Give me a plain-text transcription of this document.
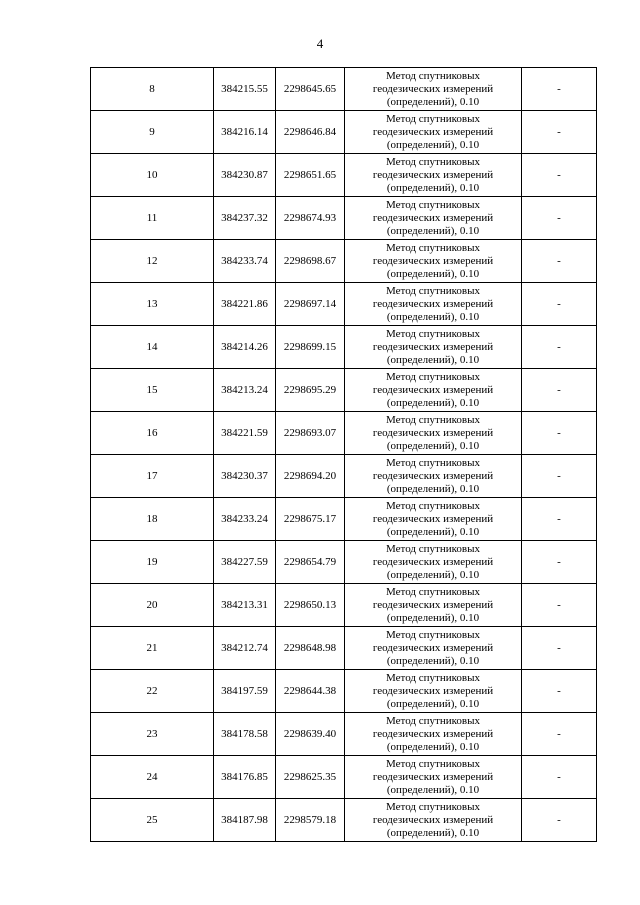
4
8	384215.55	2298645.65	Метод спутниковых
геодезических измерений
(определений), 0.10	-
9	384216.14	2298646.84	Метод спутниковых
геодезических измерений
(определений), 0.10	-
10	384230.87	2298651.65	Метод спутниковых
геодезических измерений
(определений), 0.10	-
11	384237.32	2298674.93	Метод спутниковых
геодезических измерений
(определений), 0.10	-
12	384233.74	2298698.67	Метод спутниковых
геодезических измерений
(определений), 0.10	-
13	384221.86	2298697.14	Метод спутниковых
геодезических измерений
(определений), 0.10	-
14	384214.26	2298699.15	Метод спутниковых
геодезических измерений
(определений), 0.10	-
15	384213.24	2298695.29	Метод спутниковых
геодезических измерений
(определений), 0.10	-
16	384221.59	2298693.07	Метод спутниковых
геодезических измерений
(определений), 0.10	-
17	384230.37	2298694.20	Метод спутниковых
геодезических измерений
(определений), 0.10	-
18	384233.24	2298675.17	Метод спутниковых
геодезических измерений
(определений), 0.10	-
19	384227.59	2298654.79	Метод спутниковых
геодезических измерений
(определений), 0.10	-
20	384213.31	2298650.13	Метод спутниковых
геодезических измерений
(определений), 0.10	-
21	384212.74	2298648.98	Метод спутниковых
геодезических измерений
(определений), 0.10	-
22	384197.59	2298644.38	Метод спутниковых
геодезических измерений
(определений), 0.10	-
23	384178.58	2298639.40	Метод спутниковых
геодезических измерений
(определений), 0.10	-
24	384176.85	2298625.35	Метод спутниковых
геодезических измерений
(определений), 0.10	-
25	384187.98	2298579.18	Метод спутниковых
геодезических измерений
(определений), 0.10	-
